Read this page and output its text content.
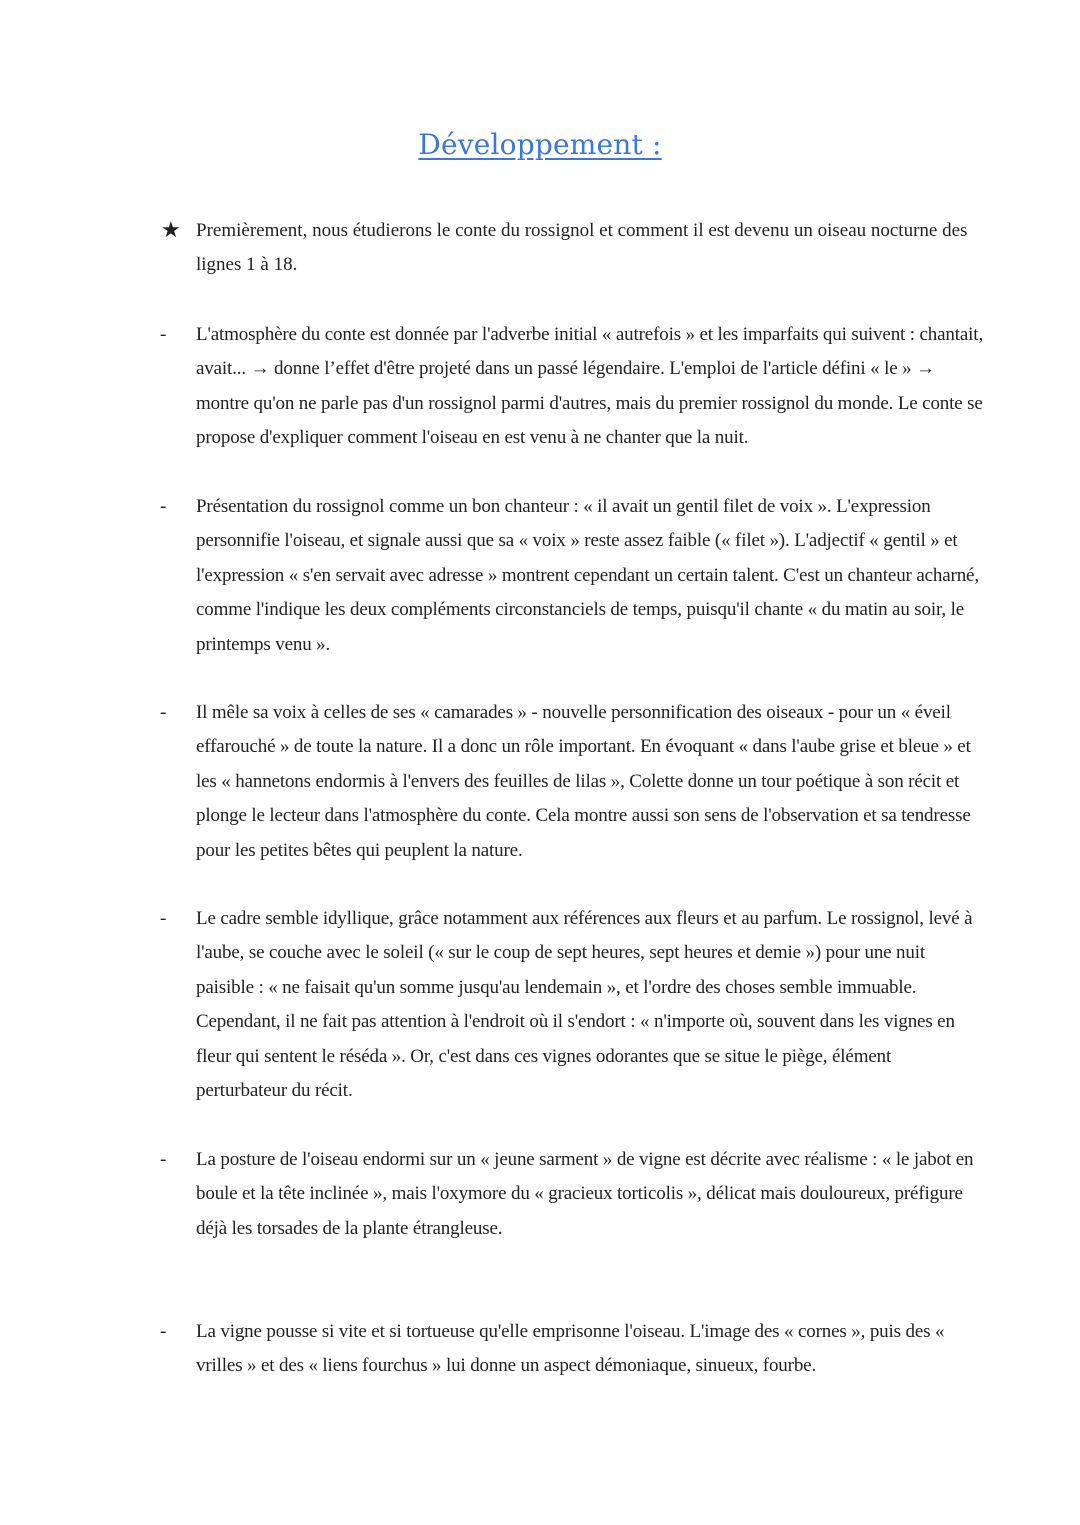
Développement :
★ Premièrement, nous étudierons le conte du rossignol et comment il est devenu un oiseau nocturne des lignes 1 à 18.

- L'atmosphère du conte est donnée par l'adverbe initial « autrefois » et les imparfaits qui suivent : chantait, avait... → donne l’effet d'être projeté dans un passé légendaire. L'emploi de l'article défini « le » → montre qu'on ne parle pas d'un rossignol parmi d'autres, mais du premier rossignol du monde. Le conte se propose d'expliquer comment l'oiseau en est venu à ne chanter que la nuit.

- Présentation du rossignol comme un bon chanteur : « il avait un gentil filet de voix ». L'expression personnifie l'oiseau, et signale aussi que sa « voix » reste assez faible (« filet »). L'adjectif « gentil » et l'expression « s'en servait avec adresse » montrent cependant un certain talent. C'est un chanteur acharné, comme l'indique les deux compléments circonstanciels de temps, puisqu'il chante « du matin au soir, le printemps venu ».

- Il mêle sa voix à celles de ses « camarades » - nouvelle personnification des oiseaux - pour un « éveil effarouché » de toute la nature. Il a donc un rôle important. En évoquant « dans l'aube grise et bleue » et les « hannetons endormis à l'envers des feuilles de lilas », Colette donne un tour poétique à son récit et plonge le lecteur dans l'atmosphère du conte. Cela montre aussi son sens de l'observation et sa tendresse pour les petites bêtes qui peuplent la nature.

- Le cadre semble idyllique, grâce notamment aux références aux fleurs et au parfum. Le rossignol, levé à l'aube, se couche avec le soleil (« sur le coup de sept heures, sept heures et demie ») pour une nuit paisible : « ne faisait qu'un somme jusqu'au lendemain », et l'ordre des choses semble immuable. Cependant, il ne fait pas attention à l'endroit où il s'endort : « n'importe où, souvent dans les vignes en fleur qui sentent le réséda ». Or, c'est dans ces vignes odorantes que se situe le piège, élément perturbateur du récit.

- La posture de l'oiseau endormi sur un « jeune sarment » de vigne est décrite avec réalisme : « le jabot en boule et la tête inclinée », mais l'oxymore du « gracieux torticolis », délicat mais douloureux, préfigure déjà les torsades de la plante étrangleuse.

- La vigne pousse si vite et si tortueuse qu'elle emprisonne l'oiseau. L'image des « cornes », puis des « vrilles » et des « liens fourchus » lui donne un aspect démoniaque, sinueux, fourbe.
